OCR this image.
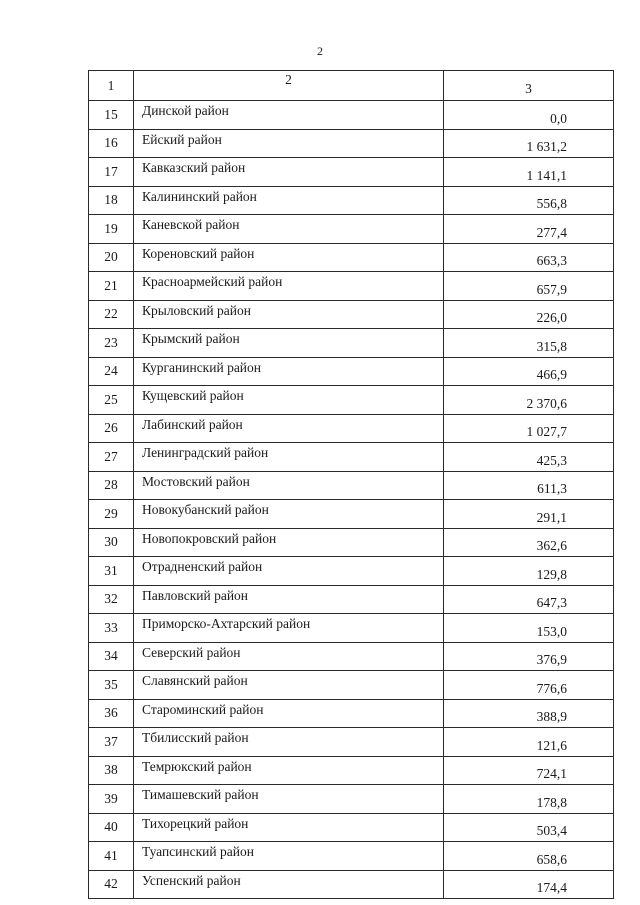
2
1	2	3
15	Динской район	0,0
16	Ейский район	1 631,2
17	Кавказский район	1 141,1
18	Калининский район	556,8
19	Каневской район	277,4
20	Кореновский район	663,3
21	Красноармейский район	657,9
22	Крыловский район	226,0
23	Крымский район	315,8
24	Курганинский район	466,9
25	Кущевский район	2 370,6
26	Лабинский район	1 027,7
27	Ленинградский район	425,3
28	Мостовский район	611,3
29	Новокубанский район	291,1
30	Новопокровский район	362,6
31	Отрадненский район	129,8
32	Павловский район	647,3
33	Приморско-Ахтарский район	153,0
34	Северский район	376,9
35	Славянский район	776,6
36	Староминский район	388,9
37	Тбилисский район	121,6
38	Темрюкский район	724,1
39	Тимашевский район	178,8
40	Тихорецкий район	503,4
41	Туапсинский район	658,6
42	Успенский район	174,4
